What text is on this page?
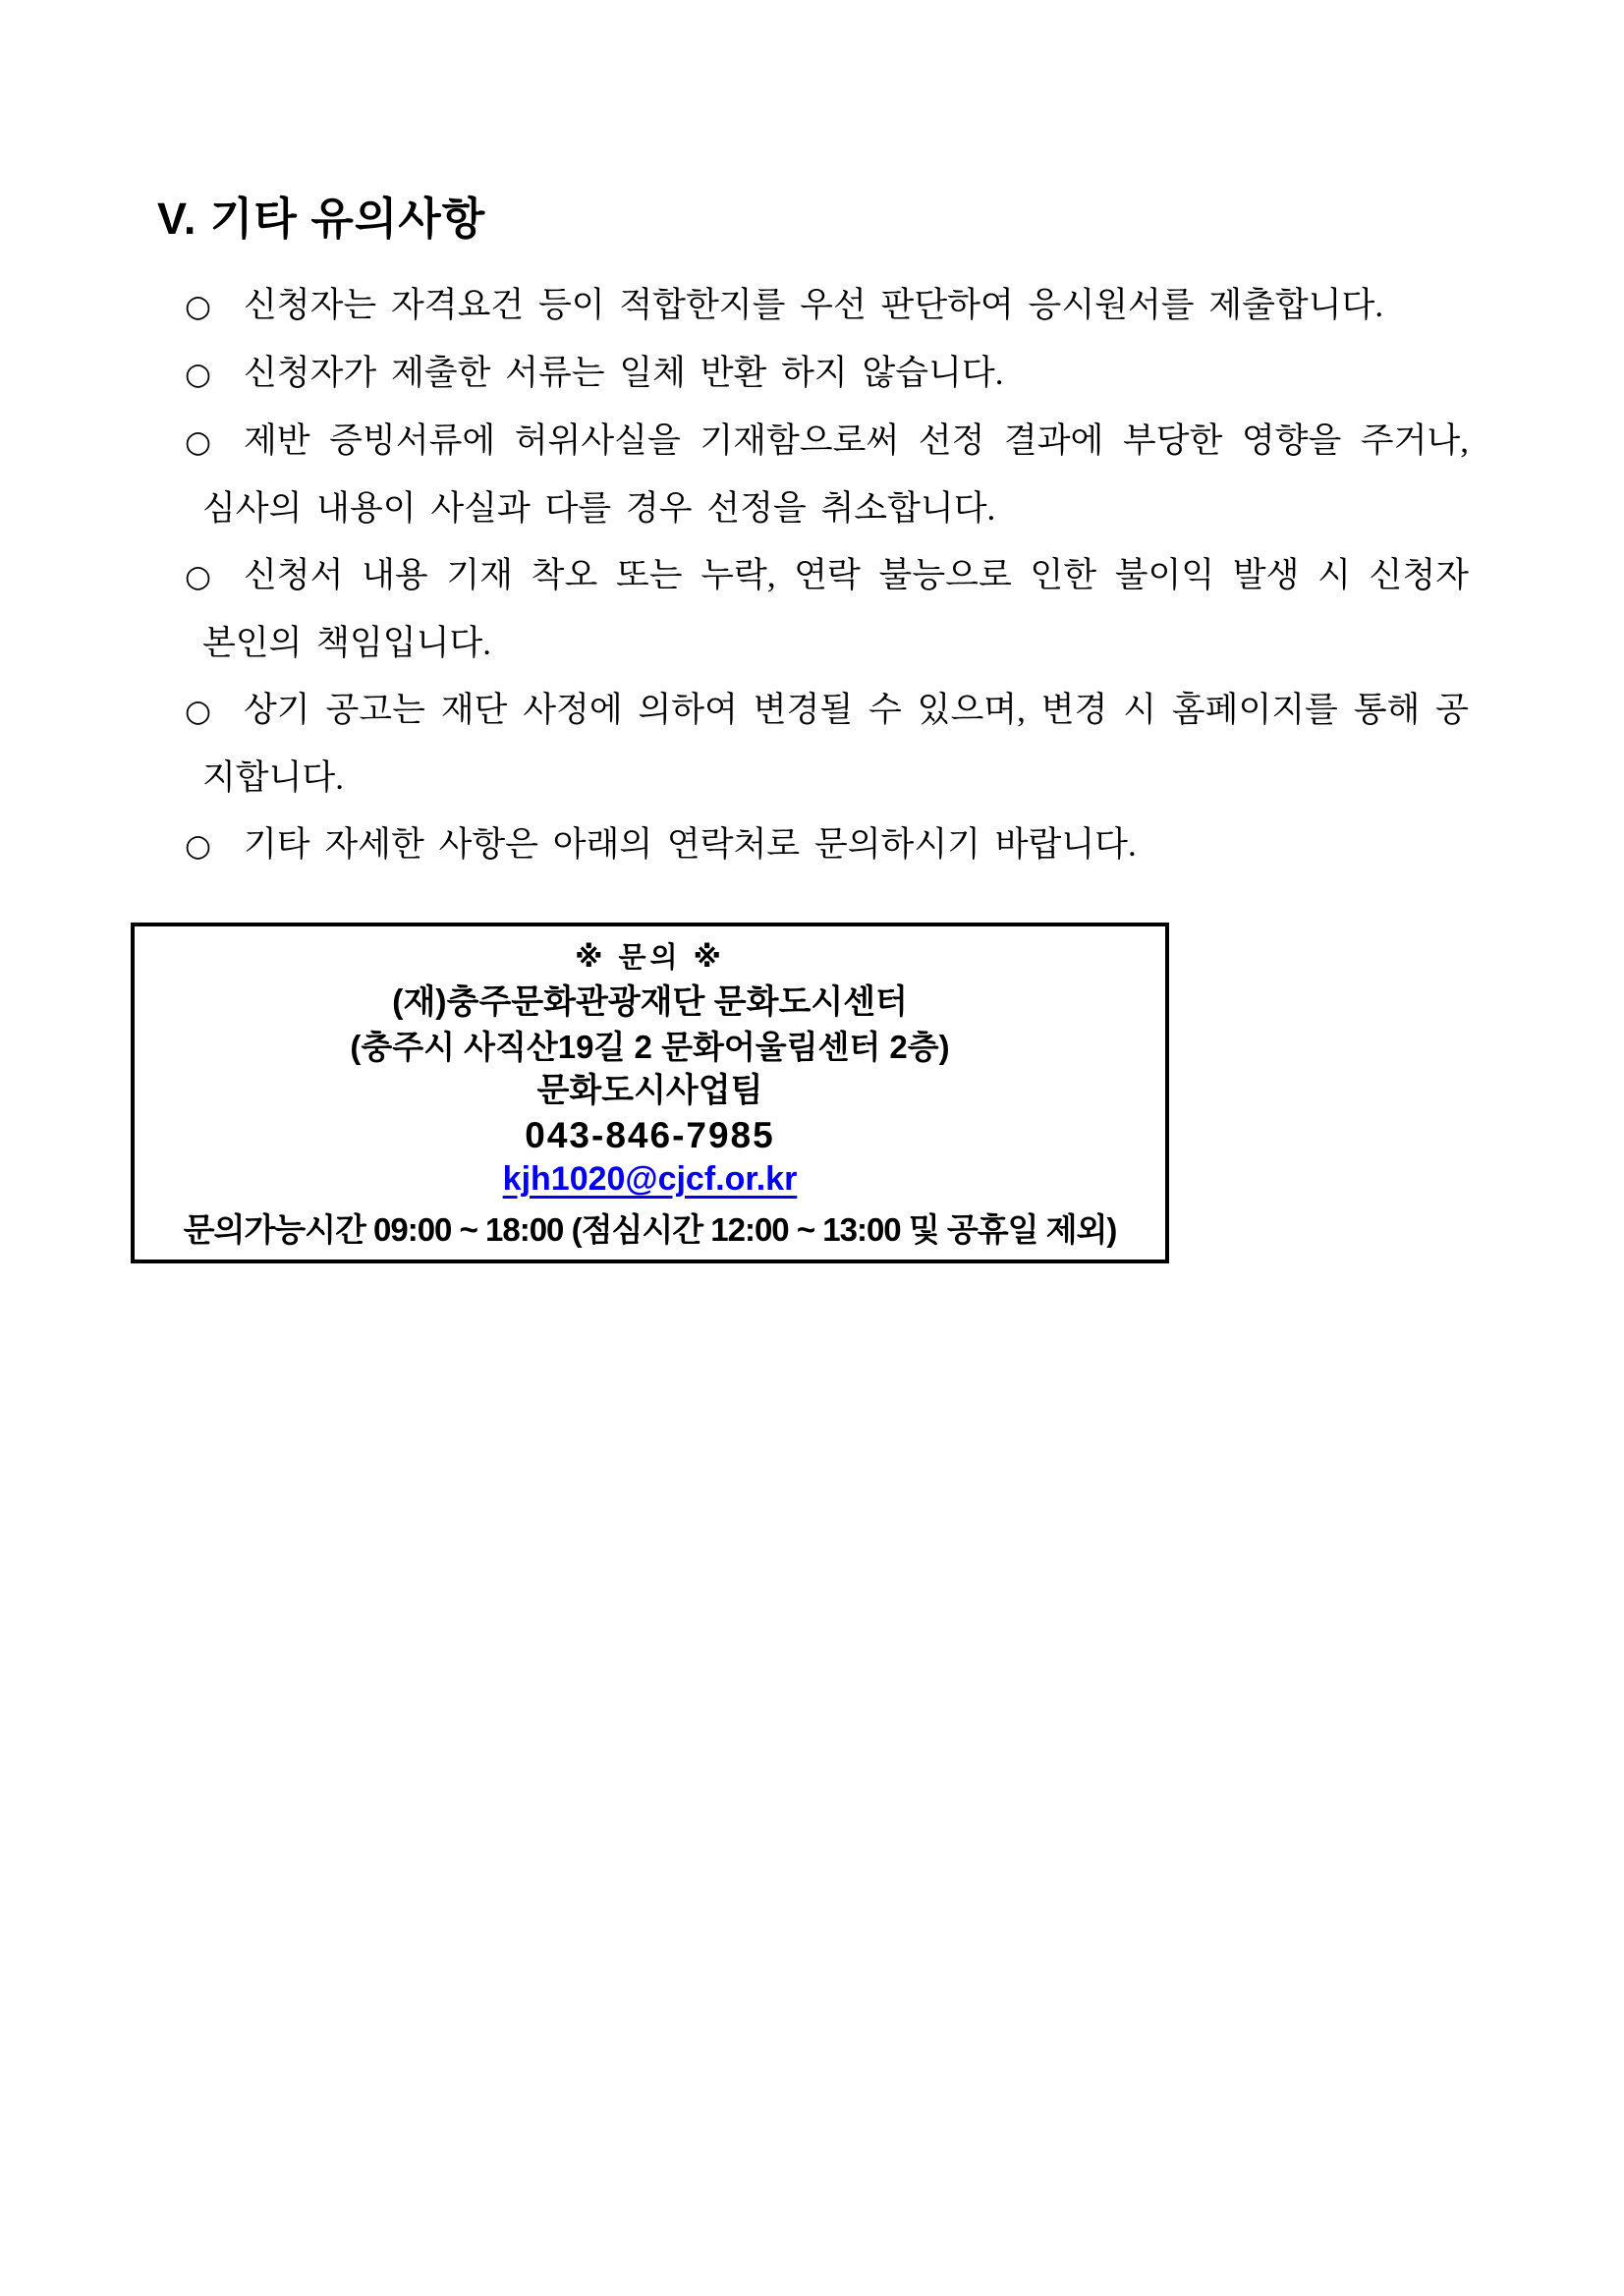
V. 기타 유의사항
○ 신청자는 자격요건 등이 적합한지를 우선 판단하여 응시원서를 제출합니다.
○ 신청자가 제출한 서류는 일체 반환 하지 않습니다.
○ 제반 증빙서류에 허위사실을 기재함으로써 선정 결과에 부당한 영향을 주거나, 심사의 내용이 사실과 다를 경우 선정을 취소합니다.
○ 신청서 내용 기재 착오 또는 누락, 연락 불능으로 인한 불이익 발생 시 신청자 본인의 책임입니다.
○ 상기 공고는 재단 사정에 의하여 변경될 수 있으며, 변경 시 홈페이지를 통해 공지합니다.
○ 기타 자세한 사항은 아래의 연락처로 문의하시기 바랍니다.
※ 문의 ※
(재)충주문화관광재단 문화도시센터
(충주시 사직산19길 2 문화어울림센터 2층)
문화도시사업팀
043-846-7985
kjh1020@cjcf.or.kr
문의가능시간 09:00 ~ 18:00 (점심시간 12:00 ~ 13:00 및 공휴일 제외)
